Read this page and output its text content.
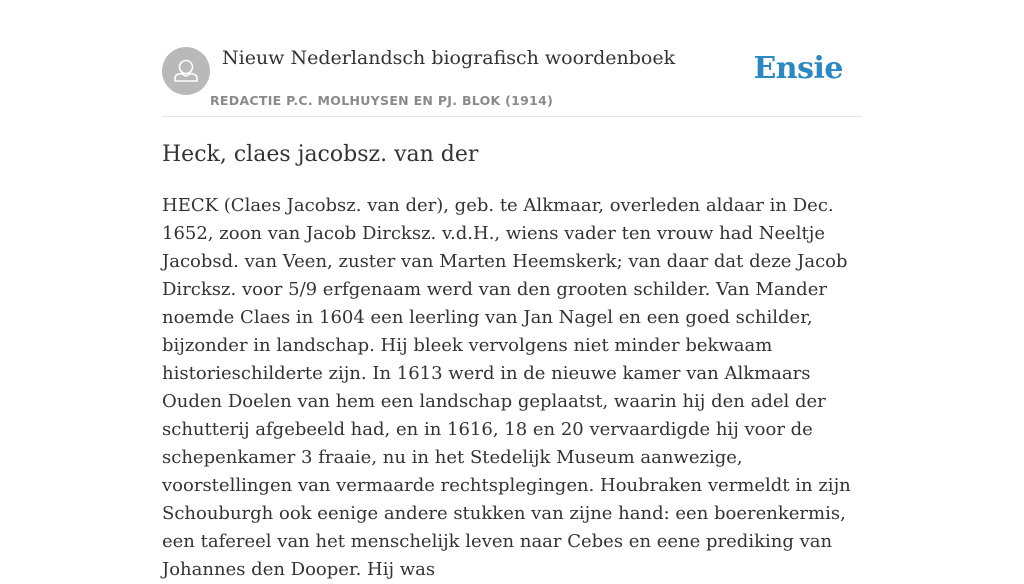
Nieuw Nederlandsch biografisch woordenboek
REDACTIE P.C. MOLHUYSEN EN PJ. BLOK (1914)
Ensie
Heck, claes jacobsz. van der

HECK (Claes Jacobsz. van der), geb. te Alkmaar, overleden aldaar in Dec. 1652, zoon van Jacob Dircksz. v.d.H., wiens vader ten vrouw had Neeltje Jacobsd. van Veen, zuster van Marten Heemskerk; van daar dat deze Jacob Dircksz. voor 5/9 erfgenaam werd van den grooten schilder. Van Mander noemde Claes in 1604 een leerling van Jan Nagel en een goed schilder, bijzonder in landschap. Hij bleek vervolgens niet minder bekwaam historieschilderte zijn. In 1613 werd in de nieuwe kamer van Alkmaars Ouden Doelen van hem een landschap geplaatst, waarin hij den adel der schutterij afgebeeld had, en in 1616, 18 en 20 vervaardigde hij voor de schepenkamer 3 fraaie, nu in het Stedelijk Museum aanwezige, voorstellingen van vermaarde rechtsplegingen. Houbraken vermeldt in zijn Schouburgh ook eenige andere stukken van zijne hand: een boerenkermis, een tafereel van het menschelijk leven naar Cebes en eene prediking van Johannes den Dooper. Hij was
